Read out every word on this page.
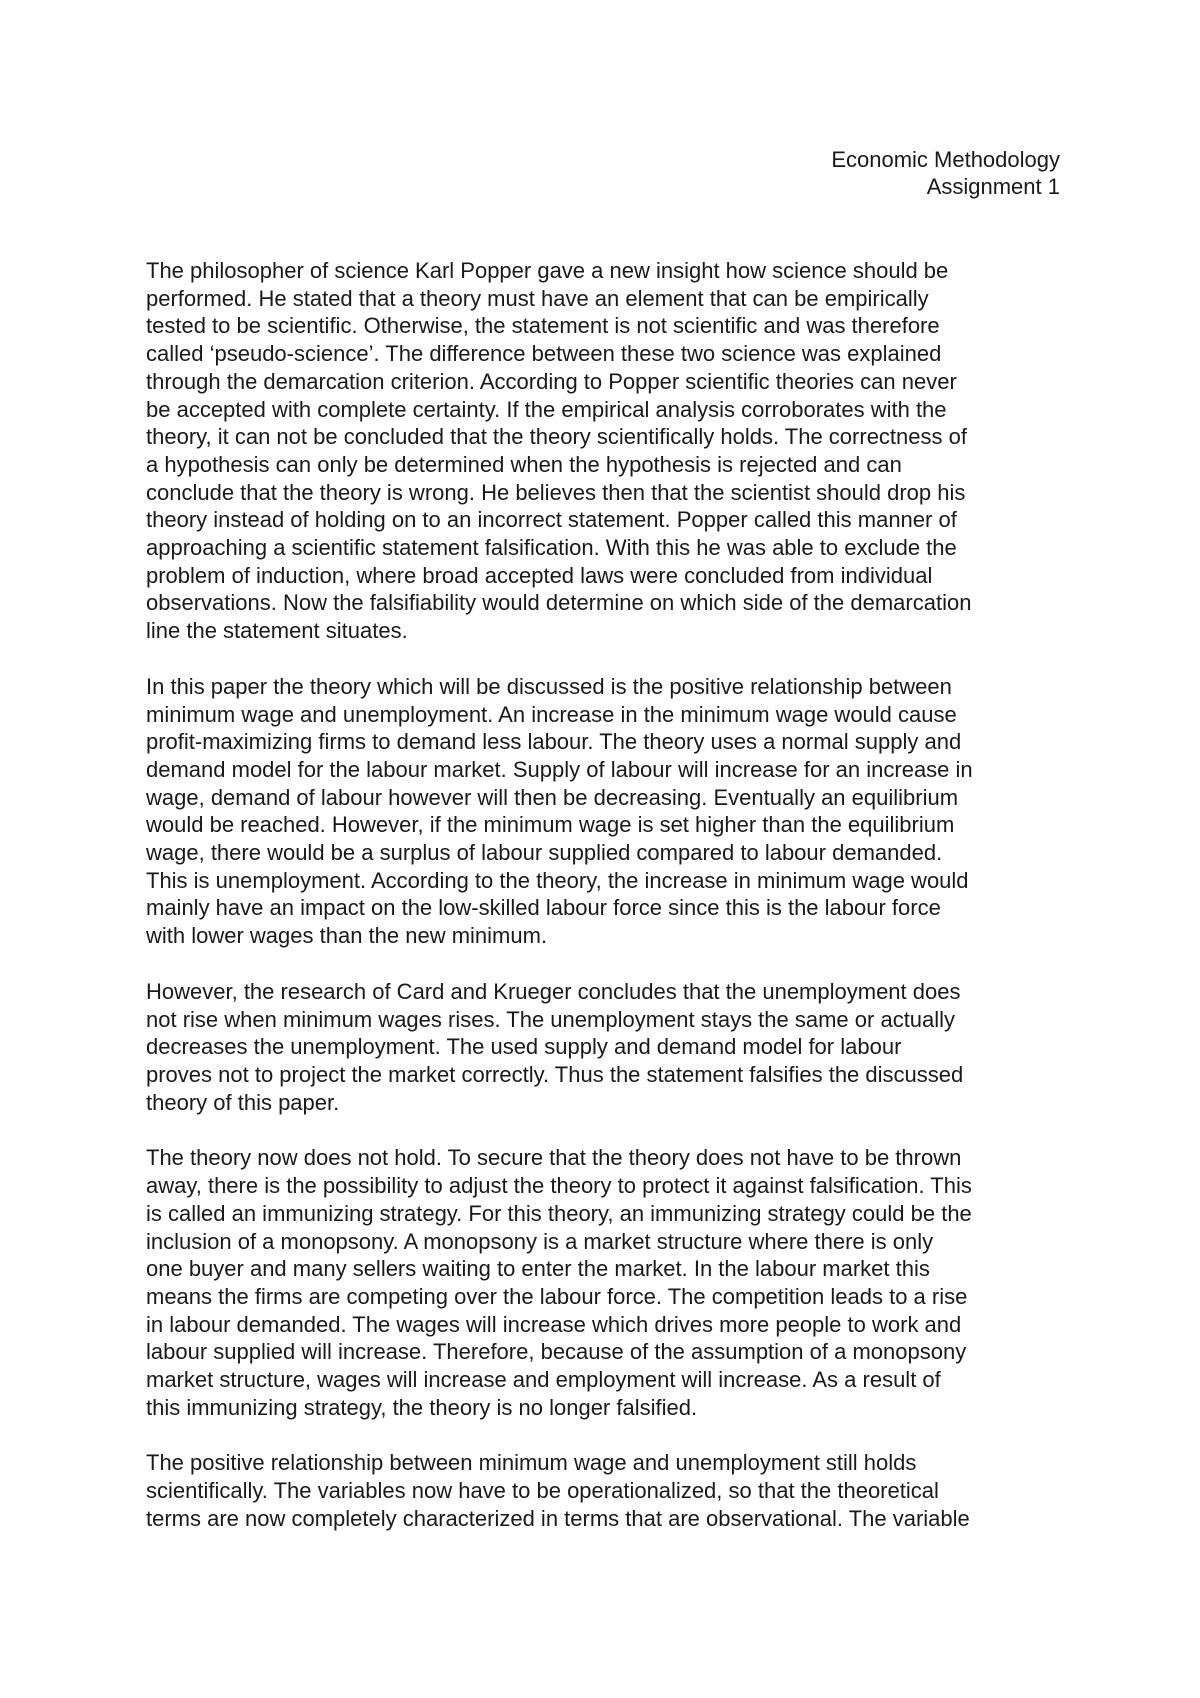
Economic Methodology
Assignment 1

The philosopher of science Karl Popper gave a new insight how science should be
performed. He stated that a theory must have an element that can be empirically
tested to be scientific. Otherwise, the statement is not scientific and was therefore
called ‘pseudo-science’. The difference between these two science was explained
through the demarcation criterion. According to Popper scientific theories can never
be accepted with complete certainty. If the empirical analysis corroborates with the
theory, it can not be concluded that the theory scientifically holds. The correctness of
a hypothesis can only be determined when the hypothesis is rejected and can
conclude that the theory is wrong. He believes then that the scientist should drop his
theory instead of holding on to an incorrect statement. Popper called this manner of
approaching a scientific statement falsification. With this he was able to exclude the
problem of induction, where broad accepted laws were concluded from individual
observations. Now the falsifiability would determine on which side of the demarcation
line the statement situates.

In this paper the theory which will be discussed is the positive relationship between
minimum wage and unemployment. An increase in the minimum wage would cause
profit-maximizing firms to demand less labour. The theory uses a normal supply and
demand model for the labour market. Supply of labour will increase for an increase in
wage, demand of labour however will then be decreasing. Eventually an equilibrium
would be reached. However, if the minimum wage is set higher than the equilibrium
wage, there would be a surplus of labour supplied compared to labour demanded.
This is unemployment. According to the theory, the increase in minimum wage would
mainly have an impact on the low-skilled labour force since this is the labour force
with lower wages than the new minimum.

However, the research of Card and Krueger concludes that the unemployment does
not rise when minimum wages rises. The unemployment stays the same or actually
decreases the unemployment. The used supply and demand model for labour
proves not to project the market correctly. Thus the statement falsifies the discussed
theory of this paper.

The theory now does not hold. To secure that the theory does not have to be thrown
away, there is the possibility to adjust the theory to protect it against falsification. This
is called an immunizing strategy. For this theory, an immunizing strategy could be the
inclusion of a monopsony. A monopsony is a market structure where there is only
one buyer and many sellers waiting to enter the market. In the labour market this
means the firms are competing over the labour force. The competition leads to a rise
in labour demanded. The wages will increase which drives more people to work and
labour supplied will increase. Therefore, because of the assumption of a monopsony
market structure, wages will increase and employment will increase. As a result of
this immunizing strategy, the theory is no longer falsified.

The positive relationship between minimum wage and unemployment still holds
scientifically. The variables now have to be operationalized, so that the theoretical
terms are now completely characterized in terms that are observational. The variable
